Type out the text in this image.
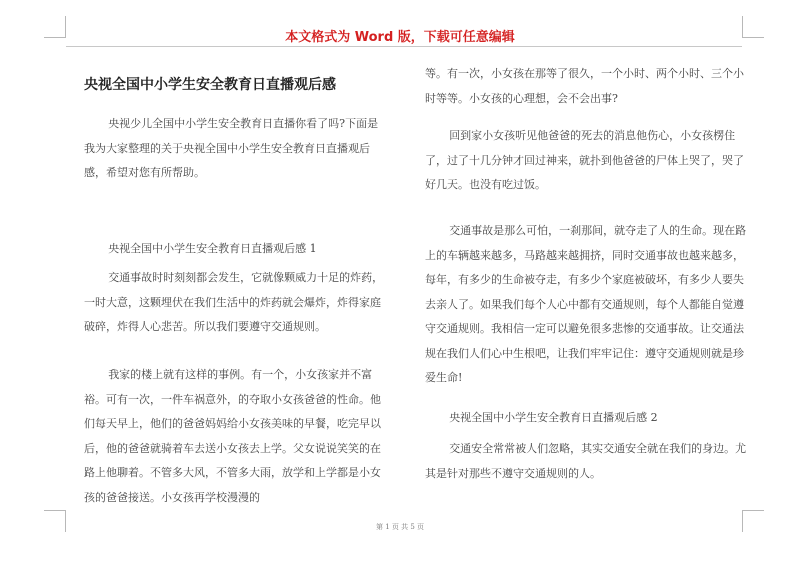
本文格式为 Word 版，下载可任意编辑
央视全国中小学生安全教育日直播观后感

央视少儿全国中小学生安全教育日直播你看了吗?下面是我为大家整理的关于央视全国中小学生安全教育日直播观后感，希望对您有所帮助。

央视全国中小学生安全教育日直播观后感 1

交通事故时时刻刻都会发生，它就像颗威力十足的炸药，一时大意，这颗埋伏在我们生活中的炸药就会爆炸，炸得家庭破碎，炸得人心悲苦。所以我们要遵守交通规则。

我家的楼上就有这样的事例。有一个，小女孩家并不富裕。可有一次，一件车祸意外，的夺取小女孩爸爸的性命。他们每天早上，他们的爸爸妈妈给小女孩美味的早餐，吃完早以后，他的爸爸就骑着车去送小女孩去上学。父女说说笑笑的在路上他聊着。不管多大风，不管多大雨，放学和上学都是小女孩的爸爸接送。小女孩再学校漫漫的

等。有一次，小女孩在那等了很久，一个小时、两个小时、三个小时等等。小女孩的心理想，会不会出事?

回到家小女孩听见他爸爸的死去的消息他伤心，小女孩楞住了，过了十几分钟才回过神来，就扑到他爸爸的尸体上哭了，哭了好几天。也没有吃过饭。

交通事故是那么可怕，一刹那间，就夺走了人的生命。现在路上的车辆越来越多，马路越来越拥挤，同时交通事故也越来越多，每年，有多少的生命被夺走，有多少个家庭被破坏，有多少人要失去亲人了。如果我们每个人心中都有交通规则，每个人都能自觉遵守交通规则。我相信一定可以避免很多悲惨的交通事故。让交通法规在我们人们心中生根吧，让我们牢牢记住：遵守交通规则就是珍爱生命!

央视全国中小学生安全教育日直播观后感 2

交通安全常常被人们忽略，其实交通安全就在我们的身边。尤其是针对那些不遵守交通规则的人。

第 1 页 共 5 页
